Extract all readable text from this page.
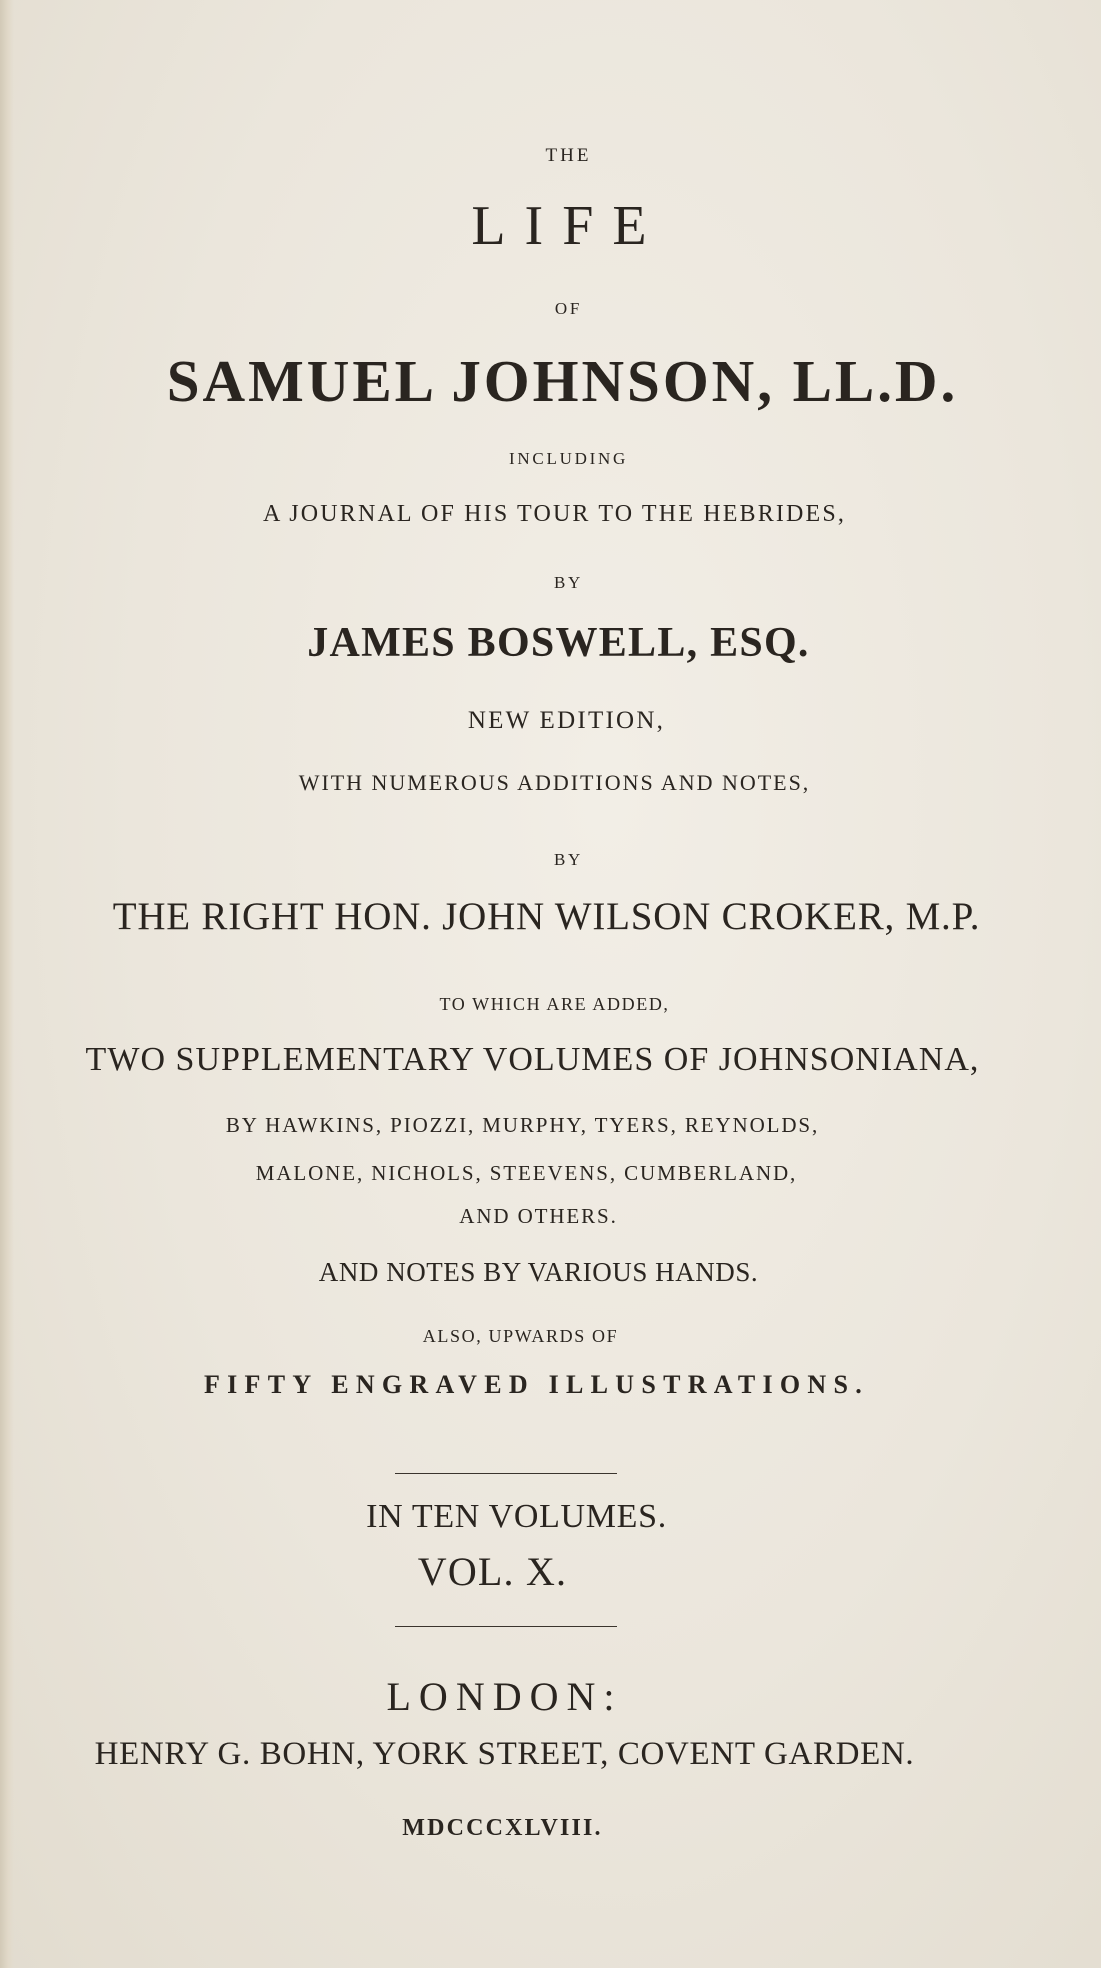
THE
LIFE
OF
SAMUEL JOHNSON, LL.D.
INCLUDING
A JOURNAL OF HIS TOUR TO THE HEBRIDES,
BY
JAMES BOSWELL, ESQ.
NEW EDITION,
WITH NUMEROUS ADDITIONS AND NOTES,
BY
THE RIGHT HON. JOHN WILSON CROKER, M.P.
TO WHICH ARE ADDED,
TWO SUPPLEMENTARY VOLUMES OF JOHNSONIANA,
BY HAWKINS, PIOZZI, MURPHY, TYERS, REYNOLDS,
MALONE, NICHOLS, STEEVENS, CUMBERLAND,
AND OTHERS.
AND NOTES BY VARIOUS HANDS.
ALSO, UPWARDS OF
FIFTY ENGRAVED ILLUSTRATIONS.
IN TEN VOLUMES.
VOL. X.
LONDON:
HENRY G. BOHN, YORK STREET, COVENT GARDEN.
MDCCCXLVIII.
